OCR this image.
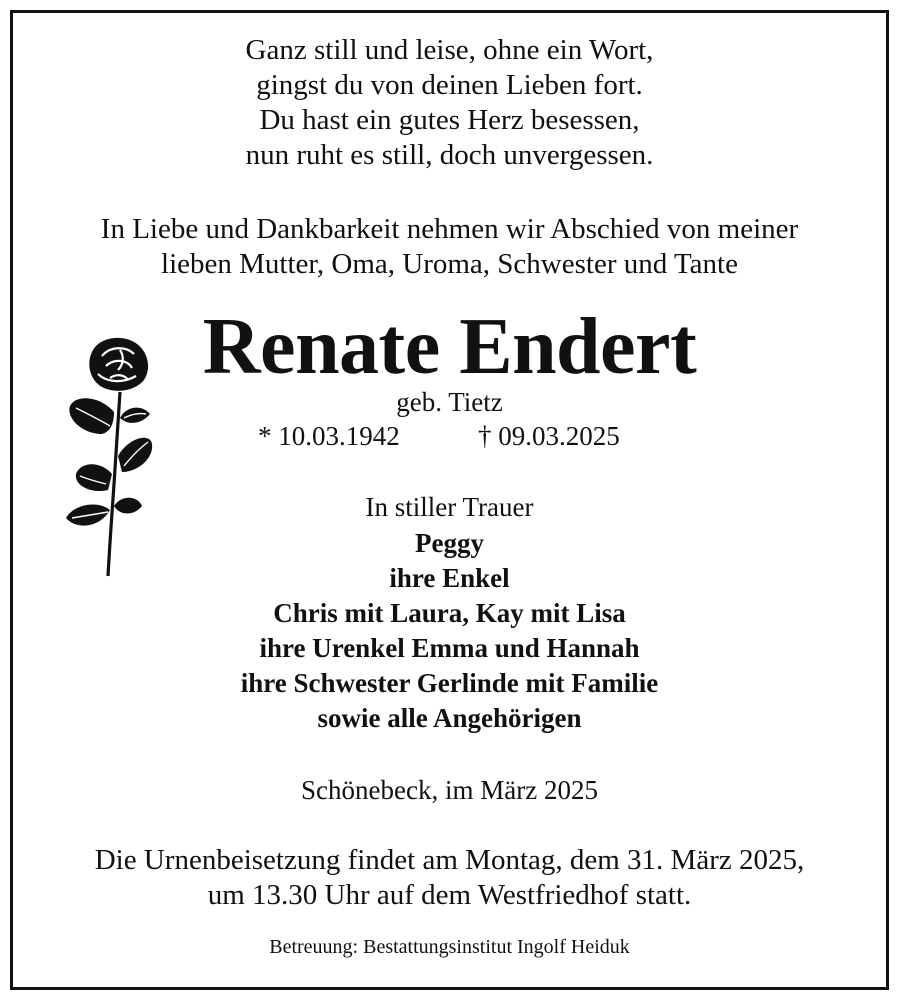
Ganz still und leise, ohne ein Wort,
gingst du von deinen Lieben fort.
Du hast ein gutes Herz besessen,
nun ruht es still, doch unvergessen.
In Liebe und Dankbarkeit nehmen wir Abschied von meiner
lieben Mutter, Oma, Uroma, Schwester und Tante
Renate Endert
geb. Tietz
* 10.03.1942	† 09.03.2025
In stiller Trauer
Peggy
ihre Enkel
Chris mit Laura, Kay mit Lisa
ihre Urenkel Emma und Hannah
ihre Schwester Gerlinde mit Familie
sowie alle Angehörigen
Schönebeck, im März 2025
Die Urnenbeisetzung findet am Montag, dem 31. März 2025,
um 13.30 Uhr auf dem Westfriedhof statt.
Betreuung: Bestattungsinstitut Ingolf Heiduk
